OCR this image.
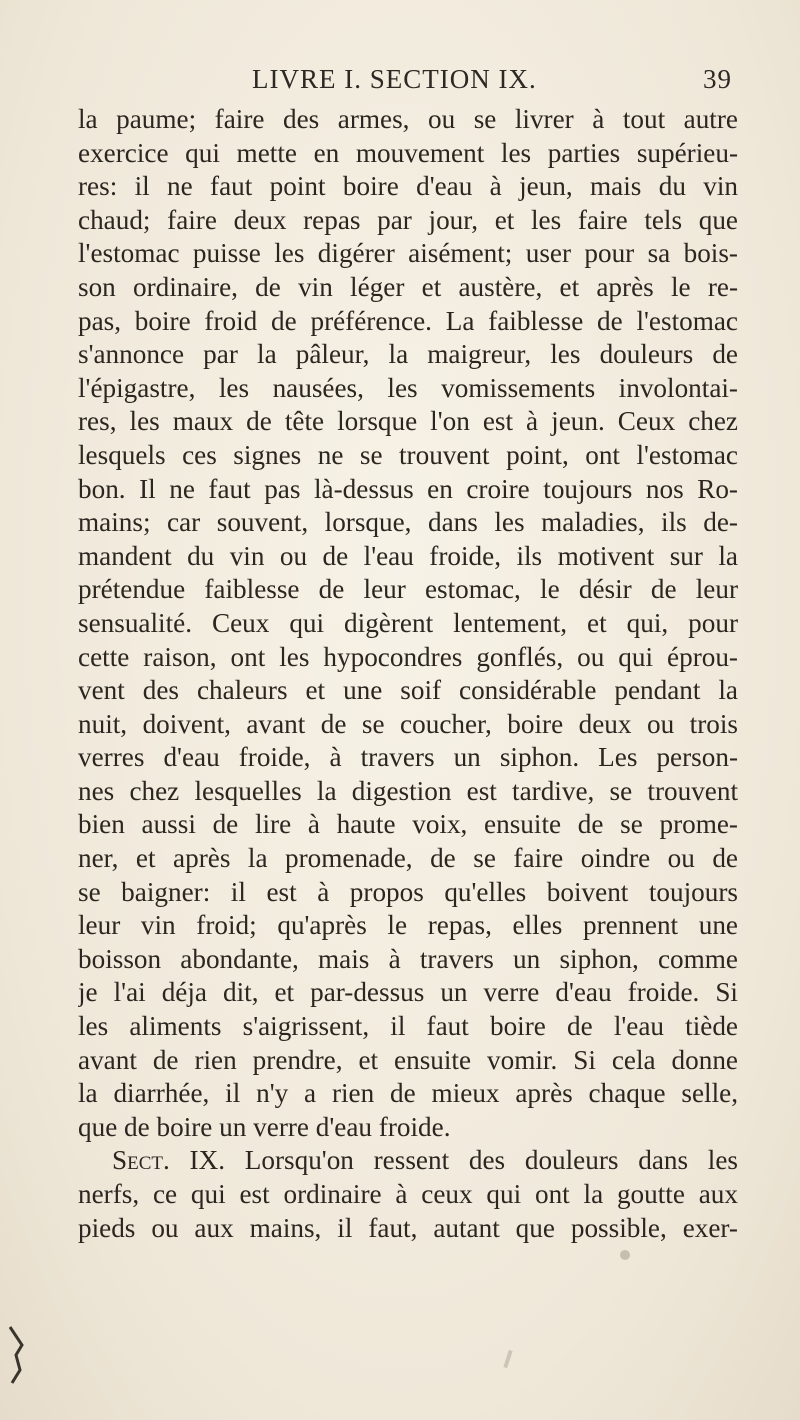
LIVRE I. SECTION IX.	39
la paume; faire des armes, ou se livrer à tout autre
exercice qui mette en mouvement les parties supérieu-
res: il ne faut point boire d'eau à jeun, mais du vin
chaud; faire deux repas par jour, et les faire tels que
l'estomac puisse les digérer aisément; user pour sa bois-
son ordinaire, de vin léger et austère, et après le re-
pas, boire froid de préférence. La faiblesse de l'estomac
s'annonce par la pâleur, la maigreur, les douleurs de
l'épigastre, les nausées, les vomissements involontai-
res, les maux de tête lorsque l'on est à jeun. Ceux chez
lesquels ces signes ne se trouvent point, ont l'estomac
bon. Il ne faut pas là-dessus en croire toujours nos Ro-
mains; car souvent, lorsque, dans les maladies, ils de-
mandent du vin ou de l'eau froide, ils motivent sur la
prétendue faiblesse de leur estomac, le désir de leur
sensualité. Ceux qui digèrent lentement, et qui, pour
cette raison, ont les hypocondres gonflés, ou qui éprou-
vent des chaleurs et une soif considérable pendant la
nuit, doivent, avant de se coucher, boire deux ou trois
verres d'eau froide, à travers un siphon. Les person-
nes chez lesquelles la digestion est tardive, se trouvent
bien aussi de lire à haute voix, ensuite de se prome-
ner, et après la promenade, de se faire oindre ou de
se baigner: il est à propos qu'elles boivent toujours
leur vin froid; qu'après le repas, elles prennent une
boisson abondante, mais à travers un siphon, comme
je l'ai déja dit, et par-dessus un verre d'eau froide. Si
les aliments s'aigrissent, il faut boire de l'eau tiède
avant de rien prendre, et ensuite vomir. Si cela donne
la diarrhée, il n'y a rien de mieux après chaque selle,
que de boire un verre d'eau froide.
Sect. IX. Lorsqu'on ressent des douleurs dans les
nerfs, ce qui est ordinaire à ceux qui ont la goutte aux
pieds ou aux mains, il faut, autant que possible, exer-
